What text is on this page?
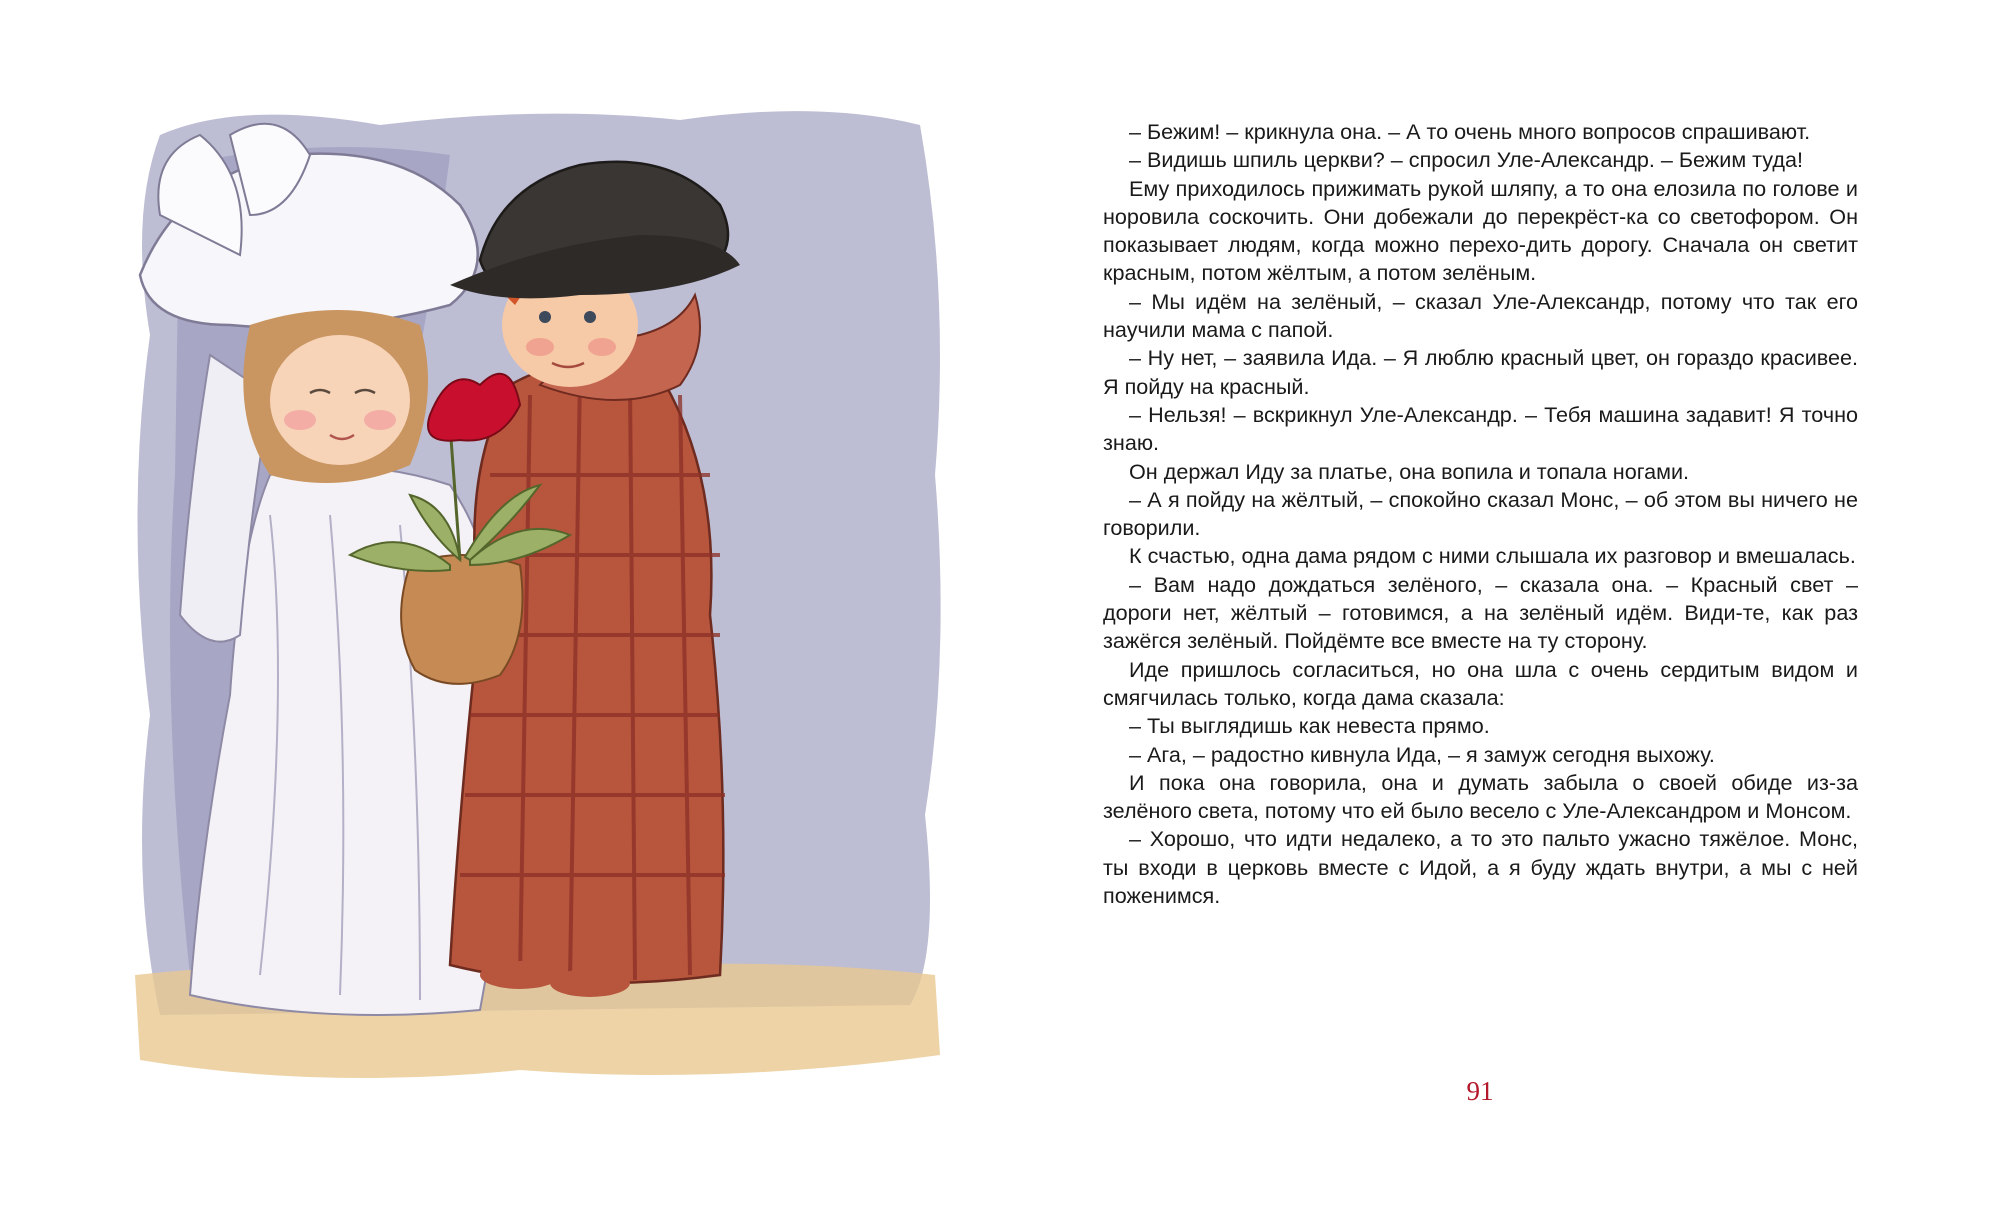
– Бежим! – крикнула она. – А то очень много вопросов спрашивают.

– Видишь шпиль церкви? – спросил Уле-Александр. – Бежим туда!

Ему приходилось прижимать рукой шляпу, а то она елозила по голове и норовила соскочить. Они добежали до перекрёст-ка со светофором. Он показывает людям, когда можно перехо-дить дорогу. Сначала он светит красным, потом жёлтым, а потом зелёным.

– Мы идём на зелёный, – сказал Уле-Александр, потому что так его научили мама с папой.

– Ну нет, – заявила Ида. – Я люблю красный цвет, он гораздо красивее. Я пойду на красный.

– Нельзя! – вскрикнул Уле-Александр. – Тебя машина задавит! Я точно знаю.

Он держал Иду за платье, она вопила и топала ногами.

– А я пойду на жёлтый, – спокойно сказал Монс, – об этом вы ничего не говорили.

К счастью, одна дама рядом с ними слышала их разговор и вмешалась.

– Вам надо дождаться зелёного, – сказала она. – Красный свет – дороги нет, жёлтый – готовимся, а на зелёный идём. Види-те, как раз зажёгся зелёный. Пойдёмте все вместе на ту сторону.

Иде пришлось согласиться, но она шла с очень сердитым видом и смягчилась только, когда дама сказала:

– Ты выглядишь как невеста прямо.

– Ага, – радостно кивнула Ида, – я замуж сегодня выхожу.

И пока она говорила, она и думать забыла о своей обиде из-за зелёного света, потому что ей было весело с Уле-Александром и Монсом.

– Хорошо, что идти недалеко, а то это пальто ужасно тяжёлое. Монс, ты входи в церковь вместе с Идой, а я буду ждать внутри, а мы с ней поженимся.

91
